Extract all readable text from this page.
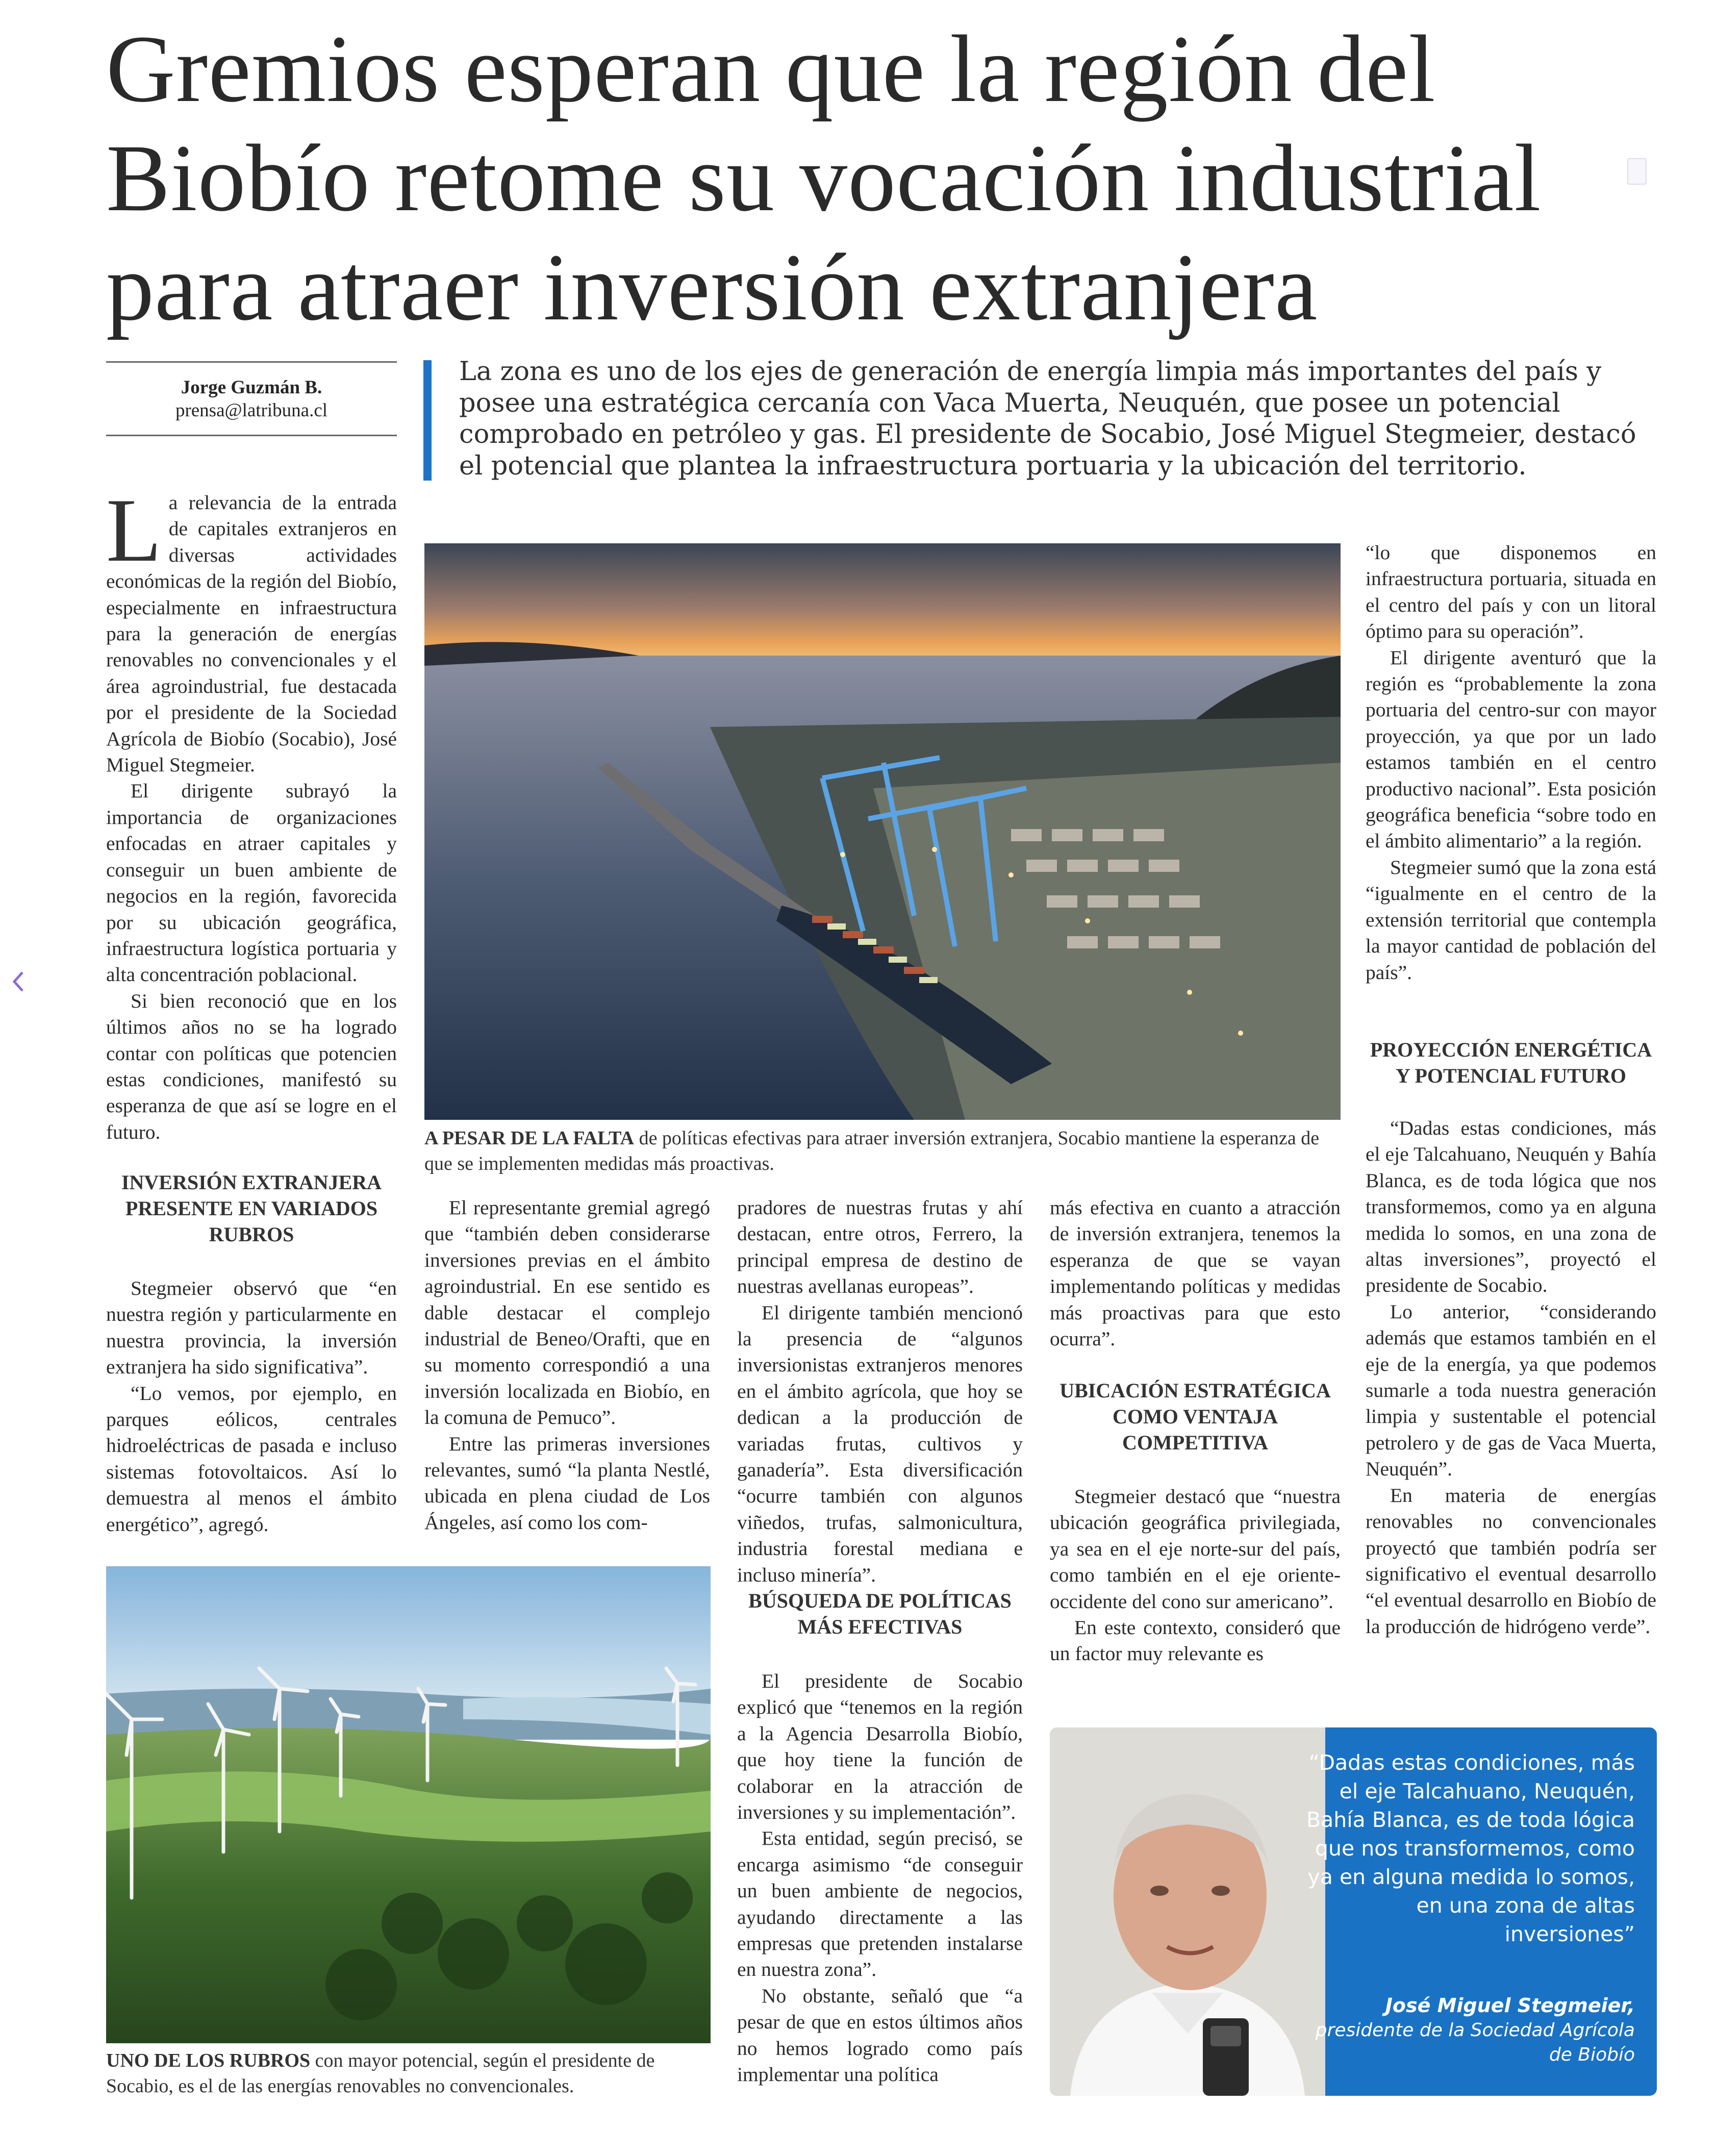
Gremios esperan que la región del Biobío retome su vocación industrial para atraer inversión extranjera
Jorge Guzmán B.
prensa@latribuna.cl
La zona es uno de los ejes de generación de energía limpia más importantes del país y posee una estratégica cercanía con Vaca Muerta, Neuquén, que posee un potencial comprobado en petróleo y gas. El presidente de Socabio, José Miguel Stegmeier, destacó el potencial que plantea la infraestructura portuaria y la ubicación del territorio.

La relevancia de la entrada de capitales extranjeros en diversas actividades económicas de la región del Biobío, especialmente en infraestructura para la generación de energías renovables no convencionales y el área agroindustrial, fue destacada por el presidente de la Sociedad Agrícola de Biobío (Socabio), José Miguel Stegmeier.

El dirigente subrayó la importancia de organizaciones enfocadas en atraer capitales y conseguir un buen ambiente de negocios en la región, favorecida por su ubicación geográfica, infraestructura logística portuaria y alta concentración poblacional.

Si bien reconoció que en los últimos años no se ha logrado contar con políticas que potencien estas condiciones, manifestó su esperanza de que así se logre en el futuro.

INVERSIÓN EXTRANJERA PRESENTE EN VARIADOS RUBROS

Stegmeier observó que “en nuestra región y particularmente en nuestra provincia, la inversión extranjera ha sido significativa”.

“Lo vemos, por ejemplo, en parques eólicos, centrales hidroeléctricas de pasada e incluso sistemas fotovoltaicos. Así lo demuestra al menos el ámbito energético”, agregó.

A PESAR DE LA FALTA de políticas efectivas para atraer inversión extranjera, Socabio mantiene la esperanza de que se implementen medidas más proactivas.

El representante gremial agregó que “también deben considerarse inversiones previas en el ámbito agroindustrial. En ese sentido es dable destacar el complejo industrial de Beneo/Orafti, que en su momento correspondió a una inversión localizada en Biobío, en la comuna de Pemuco”.

Entre las primeras inversiones relevantes, sumó “la planta Nestlé, ubicada en plena ciudad de Los Ángeles, así como los com-

UNO DE LOS RUBROS con mayor potencial, según el presidente de Socabio, es el de las energías renovables no convencionales.

pradores de nuestras frutas y ahí destacan, entre otros, Ferrero, la principal empresa de destino de nuestras avellanas europeas”.

El dirigente también mencionó la presencia de “algunos inversionistas extranjeros menores en el ámbito agrícola, que hoy se dedican a la producción de variadas frutas, cultivos y ganadería”. Esta diversificación “ocurre también con algunos viñedos, trufas, salmonicultura, industria forestal mediana e incluso minería”.

BÚSQUEDA DE POLÍTICAS MÁS EFECTIVAS

El presidente de Socabio explicó que “tenemos en la región a la Agencia Desarrolla Biobío, que hoy tiene la función de colaborar en la atracción de inversiones y su implementación”.

Esta entidad, según precisó, se encarga asimismo “de conseguir un buen ambiente de negocios, ayudando directamente a las empresas que pretenden instalarse en nuestra zona”.

No obstante, señaló que “a pesar de que en estos últimos años no hemos logrado como país implementar una política

más efectiva en cuanto a atracción de inversión extranjera, tenemos la esperanza de que se vayan implementando políticas y medidas más proactivas para que esto ocurra”.

UBICACIÓN ESTRATÉGICA COMO VENTAJA COMPETITIVA

Stegmeier destacó que “nuestra ubicación geográfica privilegiada, ya sea en el eje norte-sur del país, como también en el eje oriente-occidente del cono sur americano”.

En este contexto, consideró que un factor muy relevante es

“lo que disponemos en infraestructura portuaria, situada en el centro del país y con un litoral óptimo para su operación”.

El dirigente aventuró que la región es “probablemente la zona portuaria del centro-sur con mayor proyección, ya que por un lado estamos también en el centro productivo nacional”. Esta posición geográfica beneficia “sobre todo en el ámbito alimentario” a la región.

Stegmeier sumó que la zona está “igualmente en el centro de la extensión territorial que contempla la mayor cantidad de población del país”.

PROYECCIÓN ENERGÉTICA Y POTENCIAL FUTURO

“Dadas estas condiciones, más el eje Talcahuano, Neuquén y Bahía Blanca, es de toda lógica que nos transformemos, como ya en alguna medida lo somos, en una zona de altas inversiones”, proyectó el presidente de Socabio.

Lo anterior, “considerando además que estamos también en el eje de la energía, ya que podemos sumarle a toda nuestra generación limpia y sustentable el potencial petrolero y de gas de Vaca Muerta, Neuquén”.

En materia de energías renovables no convencionales proyectó que también podría ser significativo el eventual desarrollo “el eventual desarrollo en Biobío de la producción de hidrógeno verde”.

“Dadas estas condiciones, más el eje Talcahuano, Neuquén, Bahía Blanca, es de toda lógica que nos transformemos, como ya en alguna medida lo somos, en una zona de altas inversiones”
José Miguel Stegmeier,
presidente de la Sociedad Agrícola de Biobío
